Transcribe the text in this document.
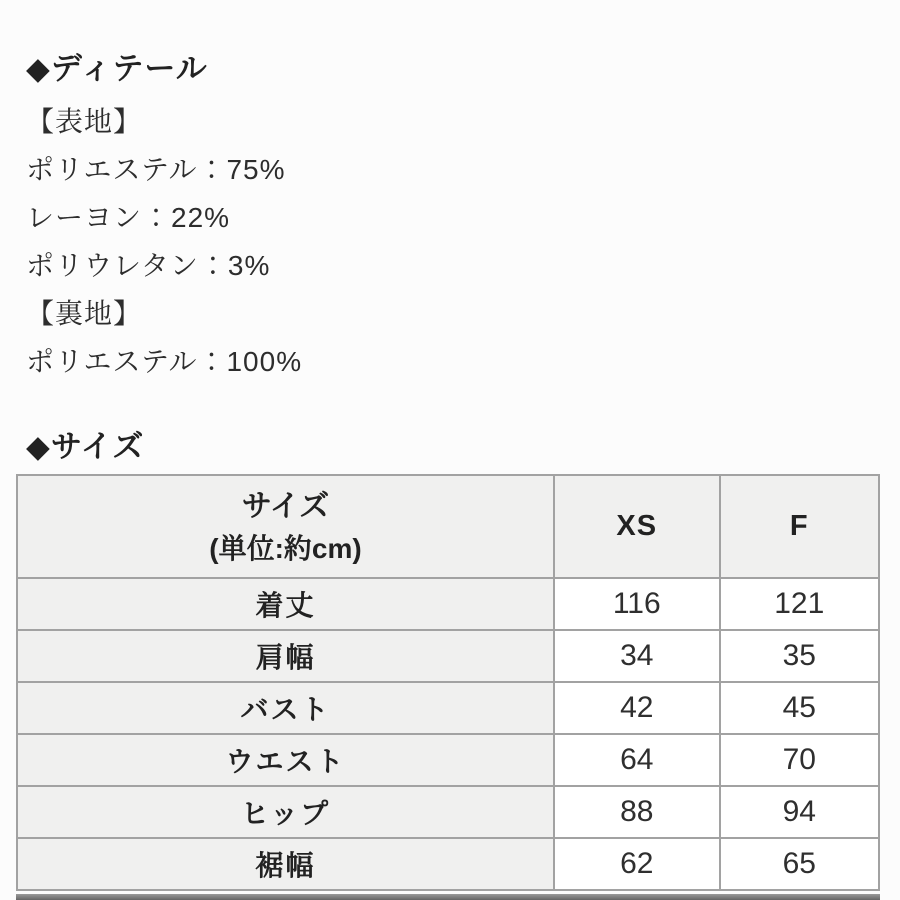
◆ディテール
【表地】
ポリエステル：75%
レーヨン：22%
ポリウレタン：3%
【裏地】
ポリエステル：100%
◆サイズ
サイズ
(単位:約cm)	XS	F
着丈	116	121
肩幅	34	35
バスト	42	45
ウエスト	64	70
ヒップ	88	94
裾幅	62	65
